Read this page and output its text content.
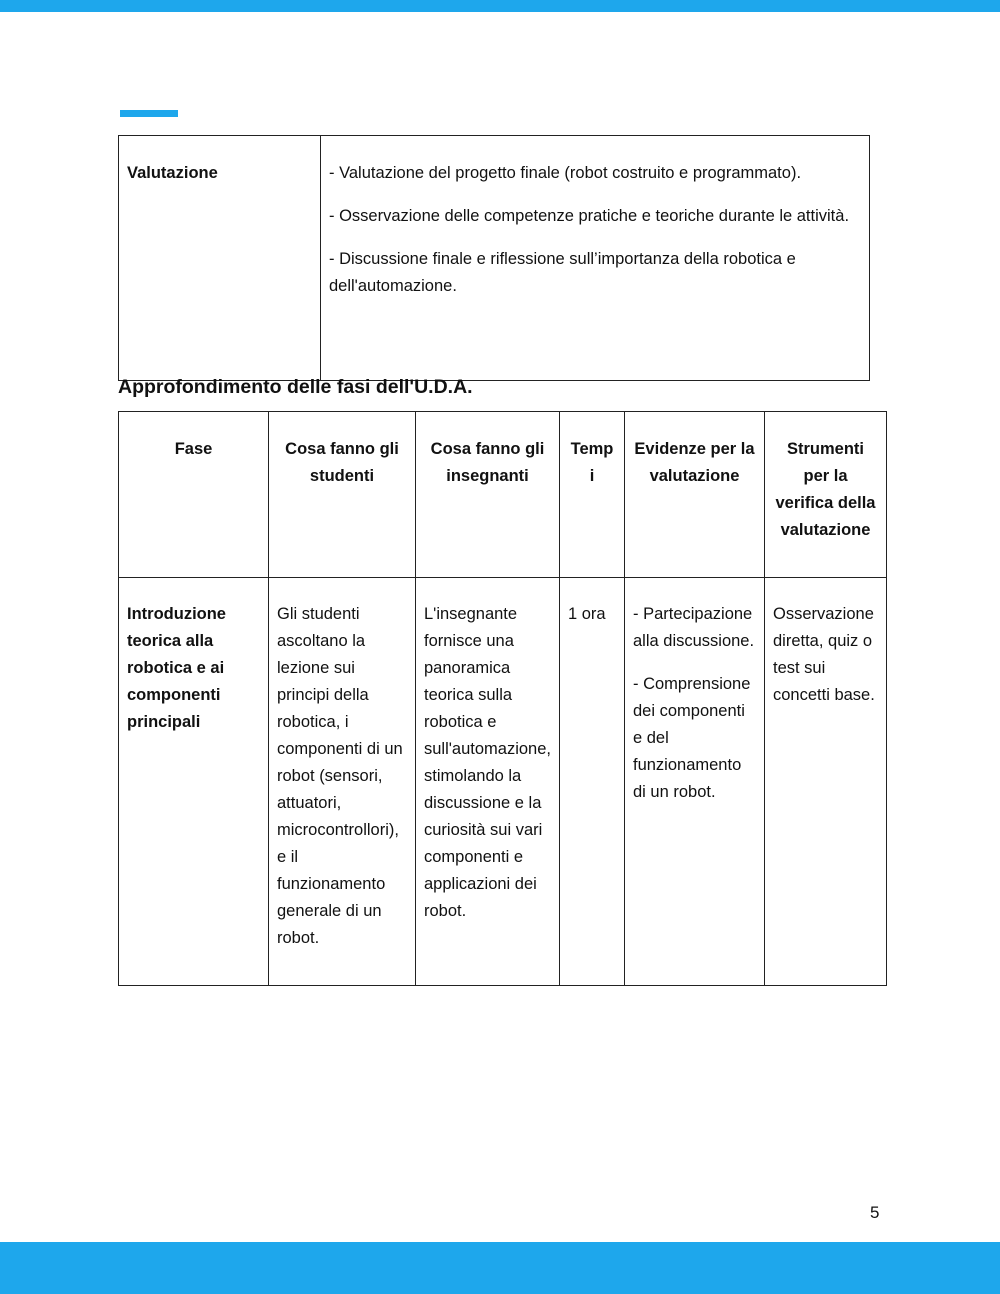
Valutazione	- Valutazione del progetto finale (robot costruito e programmato).

- Osservazione delle competenze pratiche e teoriche durante le attività.

- Discussione finale e riflessione sull’importanza della robotica e dell'automazione.

Approfondimento delle fasi dell'U.D.A.
Fase	Cosa fanno gli studenti	Cosa fanno gli insegnanti	Temp i	Evidenze per la valutazione	Strumenti per la verifica della valutazione
Introduzione teorica alla robotica e ai componenti principali	Gli studenti ascoltano la lezione sui principi della robotica, i componenti di un robot (sensori, attuatori, microcontrollori), e il funzionamento generale di un robot.	L'insegnante fornisce una panoramica teorica sulla robotica e sull'automazione, stimolando la discussione e la curiosità sui vari componenti e applicazioni dei robot.	1 ora	- Partecipazione alla discussione.

- Comprensione dei componenti e del funzionamento di un robot.	Osservazione diretta, quiz o test sui concetti base.
5
